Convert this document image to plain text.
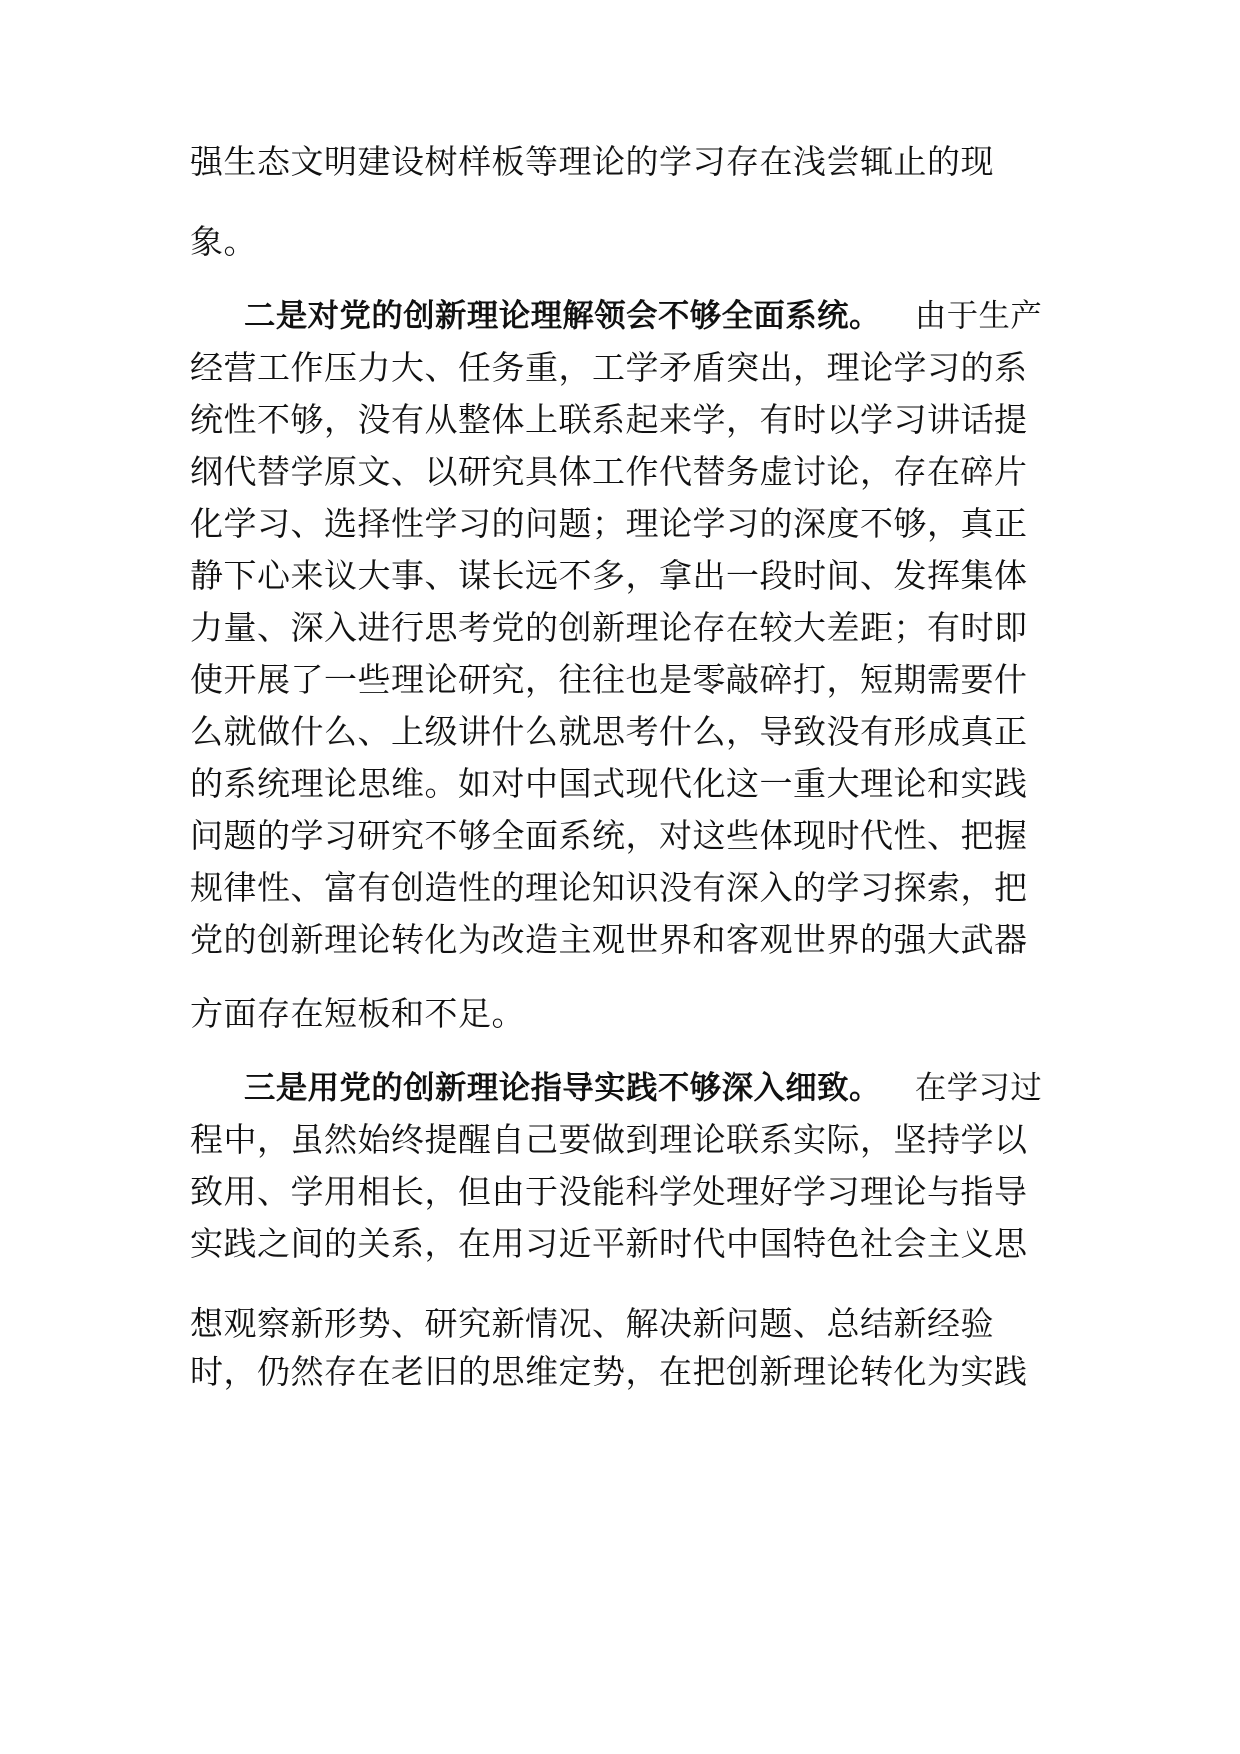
强生态文明建设树样板等理论的学习存在浅尝辄止的现
象。
二是对党的创新理论理解领会不够全面系统。 由于生产
经营工作压力大、任务重，工学矛盾突出，理论学习的系
统性不够，没有从整体上联系起来学，有时以学习讲话提
纲代替学原文、以研究具体工作代替务虚讨论，存在碎片
化学习、选择性学习的问题；理论学习的深度不够，真正
静下心来议大事、谋长远不多，拿出一段时间、发挥集体
力量、深入进行思考党的创新理论存在较大差距；有时即
使开展了一些理论研究，往往也是零敲碎打，短期需要什
么就做什么、上级讲什么就思考什么，导致没有形成真正
的系统理论思维。如对中国式现代化这一重大理论和实践
问题的学习研究不够全面系统，对这些体现时代性、把握
规律性、富有创造性的理论知识没有深入的学习探索，把
党的创新理论转化为改造主观世界和客观世界的强大武器
方面存在短板和不足。
三是用党的创新理论指导实践不够深入细致。 在学习过
程中，虽然始终提醒自己要做到理论联系实际，坚持学以
致用、学用相长，但由于没能科学处理好学习理论与指导
实践之间的关系，在用习近平新时代中国特色社会主义思
想观察新形势、研究新情况、解决新问题、总结新经验
时，仍然存在老旧的思维定势，在把创新理论转化为实践
